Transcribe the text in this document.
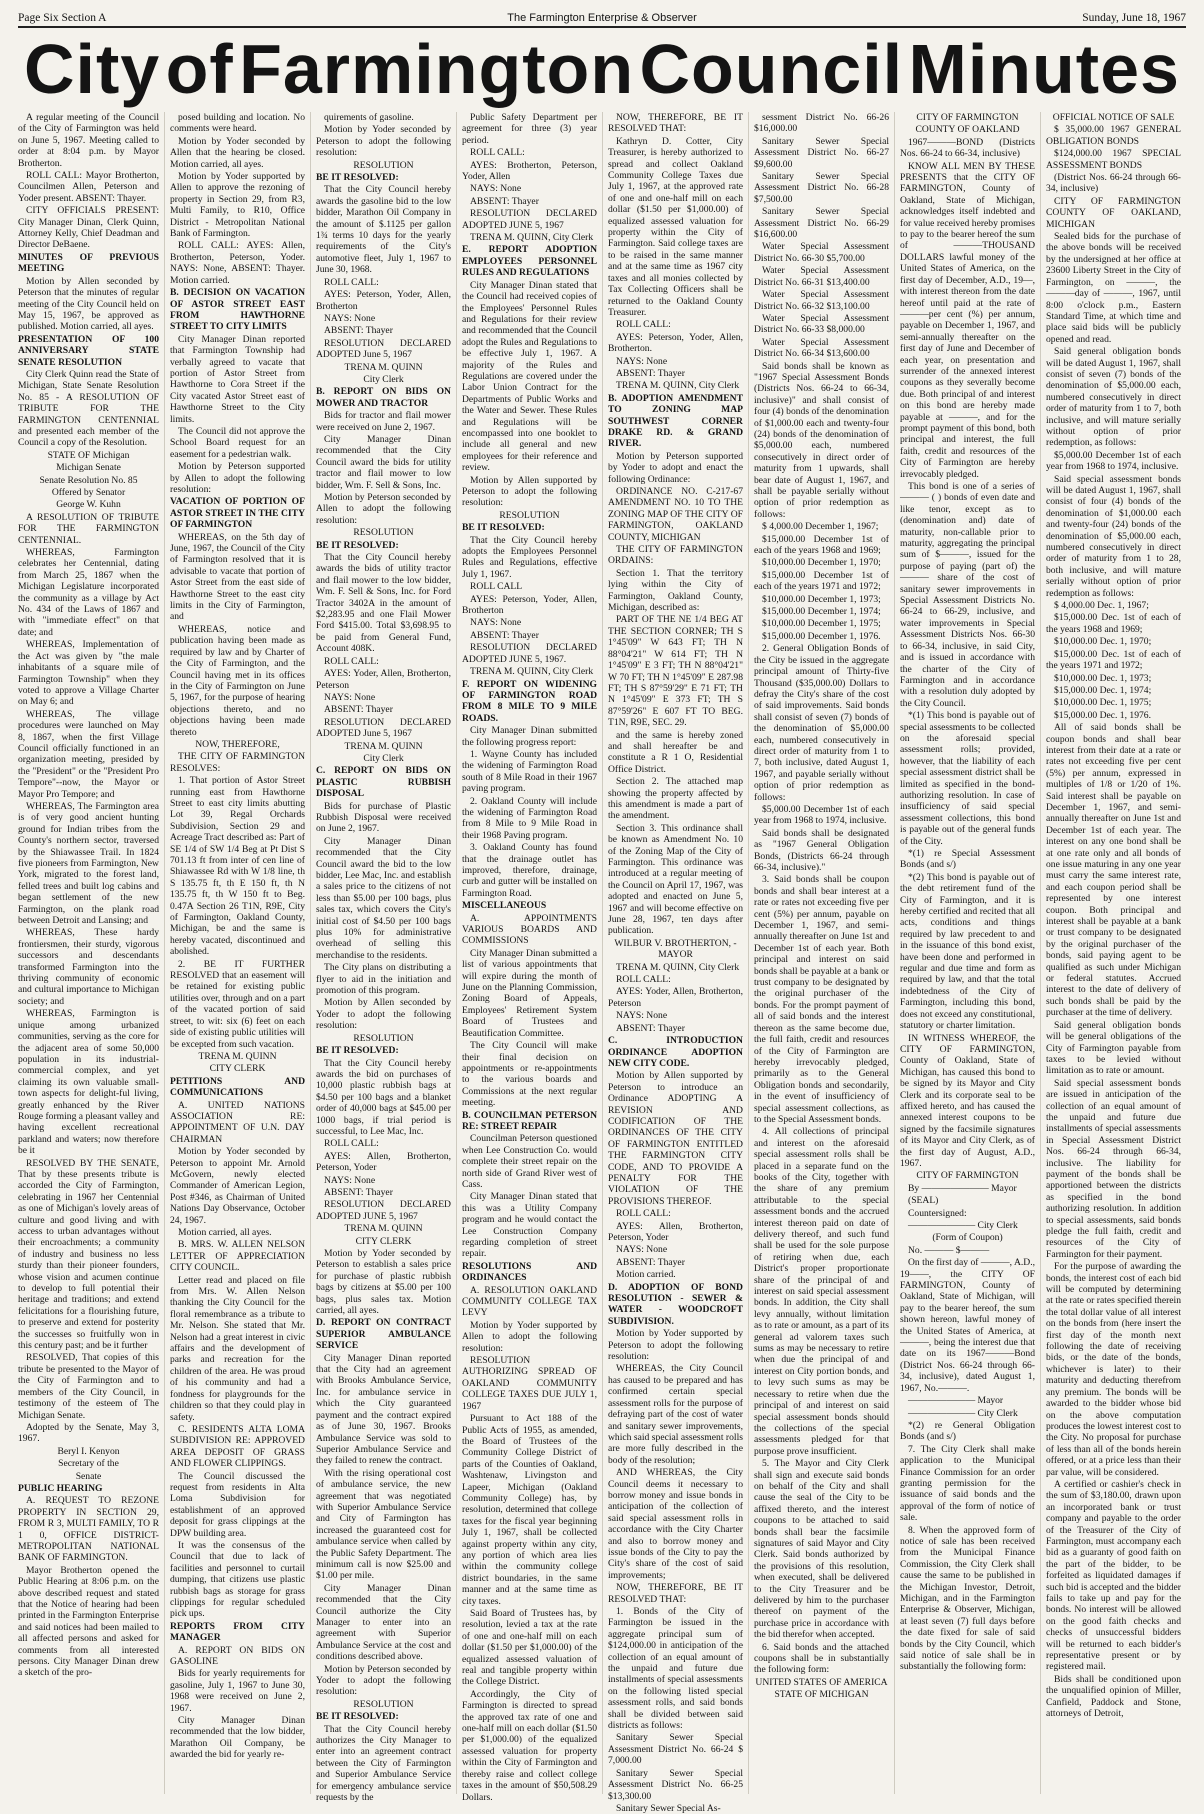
Page Six Section A	The Farmington Enterprise & Observer	Sunday, June 18, 1967
City of Farmington Council Minutes

A regular meeting of the Council of the City of Farmington was held on June 5, 1967. Meeting called to order at 8:04 p.m. by Mayor Brotherton.

ROLL CALL: Mayor Brotherton, Councilmen Allen, Peterson and Yoder present. ABSENT: Thayer.

CITY OFFICIALS PRESENT: City Manager Dinan, Clerk Quinn, Attorney Kelly, Chief Deadman and Director DeBaene.

MINUTES OF PREVIOUS MEETING

Motion by Allen seconded by Peterson that the minutes of regular meeting of the City Council held on May 15, 1967, be approved as published. Motion carried, all ayes.

PRESENTATION OF 100 ANNIVERSARY STATE SENATE RESOLUTION

City Clerk Quinn read the State of Michigan, State Senate Resolution No. 85 - A RESOLUTION OF TRIBUTE FOR THE FARMINGTON CENTENNIAL and presented each member of the Council a copy of the Resolution.

STATE OF Michigan

Michigan Senate

Senate Resolution No. 85

Offered by Senator

George W. Kuhn

A RESOLUTION OF TRIBUTE FOR THE FARMINGTON CENTENNIAL.

WHEREAS, Farmington celebrates her Centennial, dating from March 25, 1867 when the Michigan Legislature incorporated the community as a village by Act No. 434 of the Laws of 1867 and with "immediate effect" on that date; and

WHEREAS, Implementation of the Act was given by "the male inhabitants of a square mile of Farmington Township" when they voted to approve a Village Charter on May 6; and

WHEREAS, The village procedures were launched on May 8, 1867, when the first Village Council officially functioned in an organization meeting, presided by the "President" or the "President Pro Tempore"--now, the Mayor or Mayor Pro Tempore; and

WHEREAS, The Farmington area is of very good ancient hunting ground for Indian tribes from the County's northern sector, traversed by the Shiawassee Trail. In 1824 five pioneers from Farmington, New York, migrated to the forest land, felled trees and built log cabins and began settlement of the new Farmington, on the plank road between Detroit and Lansing; and

WHEREAS, These hardy frontiersmen, their sturdy, vigorous successors and descendants transformed Farmington into the thriving community of economic and cultural importance to Michigan society; and

WHEREAS, Farmington is unique among urbanized communities, serving as the core for the adjacent area of some 50,000 population in its industrial-commercial complex, and yet claiming its own valuable small-town aspects for delight-ful living, greatly enhanced by the River Rouge forming a pleasant valley and having excellent recreational parkland and waters; now therefore be it

RESOLVED BY THE SENATE, That by these presents tribute is accorded the City of Farmington, celebrating in 1967 her Centennial as one of Michigan's lovely areas of culture and good living and with access to urban advantages without their encroachments; a community of industry and business no less sturdy than their pioneer founders, whose vision and acumen continue to develop to full potential their heritage and traditions; and extend felicitations for a flourishing future, to preserve and extend for posterity the successes so fruitfully won in this century past; and be it further

RESOLVED, That copies of this tribute be presented to the Mayor of the City of Farmington and to members of the City Council, in testimony of the esteem of The Michigan Senate.

Adopted by the Senate, May 3, 1967.

Beryl I. Kenyon

Secretary of the

Senate

PUBLIC HEARING

A. REQUEST TO REZONE PROPERTY IN SECTION 29, FROM R 3, MULTI FAMILY, TO R 1 0, OFFICE DISTRICT-METROPOLITAN NATIONAL BANK OF FARMINGTON.

Mayor Brotherton opened the Public Hearing at 8:06 p.m. on the above described request and stated that the Notice of hearing had been printed in the Farmington Enterprise and said notices had been mailed to all affected persons and asked for comments from all interested persons. City Manager Dinan drew a sketch of the pro-

posed building and location. No comments were heard.

Motion by Yoder seconded by Allen that the hearing be closed. Motion carried, all ayes.

Motion by Yoder supported by Allen to approve the rezoning of property in Section 29, from R3, Multi Family, to R10, Office District - Metropolitan National Bank of Farmington.

ROLL CALL: AYES: Allen, Brotherton, Peterson, Yoder. NAYS: None, ABSENT: Thayer. Motion carried.

B. DECISION ON VACATION OF ASTOR STREET EAST FROM HAWTHORNE STREET TO CITY LIMITS

City Manager Dinan reported that Farmington Township had verbally agreed to vacate that portion of Astor Street from Hawthorne to Cora Street if the City vacated Astor Street east of Hawthorne Street to the City limits.

The Council did not approve the School Board request for an easement for a pedestrian walk.

Motion by Peterson supported by Allen to adopt the following resolution:

VACATION OF PORTION OF ASTOR STREET IN THE CITY OF FARMINGTON

WHEREAS, on the 5th day of June, 1967, the Council of the City of Farmington resolved that it is advisable to vacate that portion of Astor Street from the east side of Hawthorne Street to the east city limits in the City of Farmington, and

WHEREAS, notice and publication having been made as required by law and by Charter of the City of Farmington, and the Council having met in its offices in the City of Farmington on June 5, 1967, for the purpose of hearing objections thereto, and no objections having been made thereto

NOW, THEREFORE,

THE CITY OF FARMINGTON RESOLVES:

1. That portion of Astor Street running east from Hawthorne Street to east city limits abutting Lot 39, Regal Orchards Subdivision, Section 29 and Acreage Tract described as: Part of SE 1/4 of SW 1/4 Beg at Pt Dist S 701.13 ft from inter of cen line of Shiawassee Rd with W 1/8 line, th S 135.75 ft, th E 150 ft, th N 135.75 ft, th W 150 ft to Beg. 0.47A Section 26 T1N, R9E, City of Farmington, Oakland County, Michigan, be and the same is hereby vacated, discontinued and abolished.

2. BE IT FURTHER RESOLVED that an easement will be retained for existing public utilities over, through and on a part of the vacated portion of said street, to wit: six (6) feet on each side of existing public utilities will be excepted from such vacation.

TRENA M. QUINN

CITY CLERK

PETITIONS AND COMMUNICATIONS

A. UNITED NATIONS ASSOCIATION RE: APPOINTMENT OF U.N. DAY CHAIRMAN

Motion by Yoder seconded by Peterson to appoint Mr. Arnold McGovern, newly elected Commander of American Legion, Post #346, as Chairman of United Nations Day Observance, October 24, 1967.

Motion carried, all ayes.

B. MRS. W. ALLEN NELSON LETTER OF APPRECIATION CITY COUNCIL.

Letter read and placed on file from Mrs. W. Allen Nelson thanking the City Council for the floral remembrance as a tribute to Mr. Nelson. She stated that Mr. Nelson had a great interest in civic affairs and the development of parks and recreation for the children of the area. He was proud of his community and had a fondness for playgrounds for the children so that they could play in safety.

C. RESIDENTS ALTA LOMA SUBDIVISION RE: APPROVED AREA DEPOSIT OF GRASS AND FLOWER CLIPPINGS.

The Council discussed the request from residents in Alta Loma Subdivision for establishment of an approved deposit for grass clippings at the DPW building area.

It was the consensus of the Council that due to lack of facilities and personnel to curtail dumping, that citizens use plastic rubbish bags as storage for grass clippings for regular scheduled pick ups.

REPORTS FROM CITY MANAGER

A. REPORT ON BIDS ON GASOLINE

Bids for yearly requirements for gasoline, July 1, 1967 to June 30, 1968 were received on June 2, 1967.

City Manager Dinan recommended that the low bidder, Marathon Oil Company, be awarded the bid for yearly re-

quirements of gasoline.

Motion by Yoder seconded by Peterson to adopt the following resolution:

RESOLUTION

BE IT RESOLVED:

That the City Council hereby awards the gasoline bid to the low bidder, Marathon Oil Company in the amount of $.1125 per gallon 1¾ terms 10 days for the yearly requirements of the City's automotive fleet, July 1, 1967 to June 30, 1968.

ROLL CALL:

AYES: Peterson, Yoder, Allen, Brotherton

NAYS: None

ABSENT: Thayer

RESOLUTION DECLARED ADOPTED June 5, 1967

TRENA M. QUINN

City Clerk

B. REPORT ON BIDS ON MOWER AND TRACTOR

Bids for tractor and flail mower were received on June 2, 1967.

City Manager Dinan recommended that the City Council award the bids for utility tractor and flail mower to low bidder, Wm. F. Sell & Sons, Inc.

Motion by Peterson seconded by Allen to adopt the following resolution:

RESOLUTION

BE IT RESOLVED:

That the City Council hereby awards the bids of utility tractor and flail mower to the low bidder, Wm. F. Sell & Sons, Inc. for Ford Tractor 3402A in the amount of $2,283.95 and one Flail Mower Ford $415.00. Total $3,698.95 to be paid from General Fund, Account 408K.

ROLL CALL:

AYES: Yoder, Allen, Brotherton, Peterson

NAYS: None

ABSENT: Thayer

RESOLUTION DECLARED ADOPTED June 5, 1967

TRENA M. QUINN

City Clerk

C. REPORT ON BIDS ON PLASTIC RUBBISH DISPOSAL

Bids for purchase of Plastic Rubbish Disposal were received on June 2, 1967.

City Manager Dinan recommended that the City Council award the bid to the low bidder, Lee Mac, Inc. and establish a sales price to the citizens of not less than $5.00 per 100 bags, plus sales tax, which covers the City's initial cost of $4.50 per 100 bags plus 10% for administrative overhead of selling this merchandise to the residents.

The City plans on distributing a flyer to aid in the initiation and promotion of this program.

Motion by Allen seconded by Yoder to adopt the following resolution:

RESOLUTION

BE IT RESOLVED:

That the City Council hereby awards the bid on purchases of 10,000 plastic rubbish bags at $4.50 per 100 bags and a blanket order of 40,000 bags at $45.00 per 1000 bags, if trial period is successful, to Lee Mac, Inc.

ROLL CALL:

AYES: Allen, Brotherton, Peterson, Yoder

NAYS: None

ABSENT: Thayer

RESOLUTION DECLARED ADOPTED JUNE 5, 1967

TRENA M. QUINN

CITY CLERK

Motion by Yoder seconded by Peterson to establish a sales price for purchase of plastic rubbish bags by citizens at $5.00 per 100 bags, plus sales tax. Motion carried, all ayes.

D. REPORT ON CONTRACT SUPERIOR AMBULANCE SERVICE

City Manager Dinan reported that the City had an agreement with Brooks Ambulance Service, Inc. for ambulance service in which the City guaranteed payment and the contract expired as of June 30, 1967. Brooks Ambulance Service was sold to Superior Ambulance Service and they failed to renew the contract.

With the rising operational cost of ambulance service, the new agreement that was negotiated with Superior Ambulance Service and City of Farmington has increased the guaranteed cost for ambulance service when called by the Public Safety Department. The minimum call is now $25.00 and $1.00 per mile.

City Manager Dinan recommended that the City Council authorize the City Manager to enter into an agreement with Superior Ambulance Service at the cost and conditions described above.

Motion by Peterson seconded by Yoder to adopt the following resolution:

RESOLUTION

BE IT RESOLVED:

That the City Council hereby authorizes the City Manager to enter into an agreement contract between the City of Farmington and Superior Ambulance Service for emergency ambulance service requests by the

Public Safety Department per agreement for three (3) year period.

ROLL CALL:

AYES: Brotherton, Peterson, Yoder, Allen

NAYS: None

ABSENT: Thayer

RESOLUTION DECLARED ADOPTED JUNE 5, 1967

TRENA M. QUINN, City Clerk

E. REPORT ADOPTION EMPLOYEES PERSONNEL RULES AND REGULATIONS

City Manager Dinan stated that the Council had received copies of the Employees' Personnel Rules and Regulations for their review and recommended that the Council adopt the Rules and Regulations to be effective July 1, 1967. A majority of the Rules and Regulations are covered under the Labor Union Contract for the Departments of Public Works and the Water and Sewer. These Rules and Regulations will be encompassed into one booklet to include all general and new employees for their reference and review.

Motion by Allen supported by Peterson to adopt the following resolution:

RESOLUTION

BE IT RESOLVED:

That the City Council hereby adopts the Employees Personnel Rules and Regulations, effective July 1, 1967.

ROLL CALL

AYES: Peterson, Yoder, Allen, Brotherton

NAYS: None

ABSENT: Thayer

RESOLUTION DECLARED ADOPTED JUNE 5, 1967.

TRENA M. QUINN, City Clerk

F. REPORT ON WIDENING OF FARMINGTON ROAD FROM 8 MILE TO 9 MILE ROADS.

City Manager Dinan submitted the following progress report:

1. Wayne County has included the widening of Farmington Road south of 8 Mile Road in their 1967 paving program.

2. Oakland County will include the widening of Farmington Road from 8 Mile to 9 Mile Road in their 1968 Paving program.

3. Oakland County has found that the drainage outlet has improved, therefore, drainage, curb and gutter will be installed on Farmington Road.

MISCELLANEOUS

A. APPOINTMENTS VARIOUS BOARDS AND COMMISSIONS

City Manager Dinan submitted a list of various appointments that will expire during the month of June on the Planning Commission, Zoning Board of Appeals, Employees' Retirement System Board of Trustees and Beautification Committee.

The City Council will make their final decision on appointments or re-appointments to the various boards and Commissions at the next regular meeting.

B. COUNCILMAN PETERSON RE: STREET REPAIR

Councilman Peterson questioned when Lee Construction Co. would complete their street repair on the north side of Grand River west of Cass.

City Manager Dinan stated that this was a Utility Company program and he would contact the Lee Construction Company regarding completion of street repair.

RESOLUTIONS AND ORDINANCES

A. RESOLUTION OAKLAND COMMUNITY COLLEGE TAX LEVY

Motion by Yoder supported by Allen to adopt the following resolution:

RESOLUTION AUTHORIZING SPREAD OF OAKLAND COMMUNITY COLLEGE TAXES DUE JULY 1, 1967

Pursuant to Act 188 of the Public Acts of 1955, as amended, the Board of Trustees of the Community College District of parts of the Counties of Oakland, Washtenaw, Livingston and Lapeer, Michigan (Oakland Community College) has, by resolution, determined that college taxes for the fiscal year beginning July 1, 1967, shall be collected against property within any city, any portion of which area lies within the community college district boundaries, in the same manner and at the same time as city taxes.

Said Board of Trustees has, by resolution, levied a tax at the rate of one and one-half mill on each dollar ($1.50 per $1,000.00) of the equalized assessed valuation of real and tangible property within the College District.

Accordingly, the City of Farmington is directed to spread the approved tax rate of one and one-half mill on each dollar ($1.50 per $1,000.00) of the equalized assessed valuation for property within the City of Farmington and thereby raise and collect college taxes in the amount of $50,508.29 Dollars.

NOW, THEREFORE, BE IT RESOLVED THAT:

Kathryn D. Cotter, City Treasurer, is hereby authorized to spread and collect Oakland Community College Taxes due July 1, 1967, at the approved rate of one and one-half mill on each dollar ($1.50 per $1,000.00) of equalized assessed valuation for property within the City of Farmington. Said college taxes are to be raised in the same manner and at the same time as 1967 city taxes and all monies collected by Tax Collecting Officers shall be returned to the Oakland County Treasurer.

ROLL CALL:

AYES: Peterson, Yoder, Allen, Brotherton.

NAYS: None

ABSENT: Thayer

TRENA M. QUINN, City Clerk

B. ADOPTION AMENDMENT TO ZONING MAP SOUTHWEST CORNER DRAKE RD. & GRAND RIVER.

Motion by Peterson supported by Yoder to adopt and enact the following Ordinance:

ORDINANCE NO. C-217-67 AMENDMENT NO. 10 TO THE ZONING MAP OF THE CITY OF FARMINGTON, OAKLAND COUNTY, MICHIGAN

THE CITY OF FARMINGTON ORDAINS:

Section 1. That the territory lying within the City of Farmington, Oakland County, Michigan, described as:

PART OF THE NE 1/4 BEG AT THE SECTION CORNER; TH S 1°45'09" W 643 FT; TH N 88°04'21" W 614 FT; TH N 1°45'09" E 3 FT; TH N 88°04'21" W 70 FT; TH N 1°45'09" E 287.98 FT; TH S 87°59'29" E 71 FT; TH N 1°45'09" E 373 FT; TH S 87°59'26" E 607 FT TO BEG. T1N, R9E, SEC. 29.

and the same is hereby zoned and shall hereafter be and constitute a R 1 O, Residential Office District.

Section 2. The attached map showing the property affected by this amendment is made a part of the amendment.

Section 3. This ordinance shall be known as Amendment No. 10 of the Zoning Map of the City of Farmington. This ordinance was introduced at a regular meeting of the Council on April 17, 1967, was adopted and enacted on June 5, 1967 and will become effective on June 28, 1967, ten days after publication.

WILBUR V. BROTHERTON, -MAYOR

TRENA M. QUINN, City Clerk

ROLL CALL:

AYES: Yoder, Allen, Brotherton, Peterson

NAYS: None

ABSENT: Thayer

C. INTRODUCTION ORDINANCE ADOPTION NEW CITY CODE.

Motion by Allen supported by Peterson to introduce an Ordinance ADOPTING A REVISION AND CODIFICATION OF THE ORDINANCES OF THE CITY OF FARMINGTON ENTITLED THE FARMINGTON CITY CODE, AND TO PROVIDE A PENALTY FOR THE VIOLATION OF THE PROVISIONS THEREOF.

ROLL CALL:

AYES: Allen, Brotherton, Peterson, Yoder

NAYS: None

ABSENT: Thayer

Motion carried.

D. ADOPTION OF BOND RESOLUTION - SEWER & WATER - WOODCROFT SUBDIVISION.

Motion by Yoder supported by Peterson to adopt the following resolution:

WHEREAS, the City Council has caused to be prepared and has confirmed certain special assessment rolls for the purpose of defraying part of the cost of water and sanitary sewer improvements, which said special assessment rolls are more fully described in the body of the resolution;

AND WHEREAS, the City Council deems it necessary to borrow money and issue bonds in anticipation of the collection of said special assessment rolls in accordance with the City Charter and also to borrow money and issue bonds of the City to pay the City's share of the cost of said improvements;

NOW, THEREFORE, BE IT RESOLVED THAT:

1. Bonds of the City of Farmington be issued in the aggregate principal sum of $124,000.00 in anticipation of the collection of an equal amount of the unpaid and future due installments of special assessments on the following listed special assessment rolls, and said bonds shall be divided between said districts as follows:

Sanitary Sewer Special Assessment District No. 66-24 $ 7,000.00

Sanitary Sewer Special Assessment District No. 66-25 $13,300.00

Sanitary Sewer Special As-

sessment District No. 66-26 $16,000.00

Sanitary Sewer Special Assessment District No. 66-27 $9,600.00

Sanitary Sewer Special Assessment District No. 66-28 $7,500.00

Sanitary Sewer Special Assessment District No. 66-29 $16,600.00

Water Special Assessment District No. 66-30 $5,700.00

Water Special Assessment District No. 66-31 $13,400.00

Water Special Assessment District No. 66-32 $13,100.00

Water Special Assessment District No. 66-33 $8,000.00

Water Special Assessment District No. 66-34 $13,600.00

Said bonds shall be known as "1967 Special Assessment Bonds (Districts Nos. 66-24 to 66-34, inclusive)" and shall consist of four (4) bonds of the denomination of $1,000.00 each and twenty-four (24) bonds of the denomination of $5,000.00 each, numbered consecutively in direct order of maturity from 1 upwards, shall bear date of August 1, 1967, and shall be payable serially without option of prior redemption as follows:

$ 4,000.00 December 1, 1967;

$15,000.00 December 1st of each of the years 1968 and 1969;

$10,000.00 December 1, 1970;

$15,000.00 December 1st of each of the years 1971 and 1972;

$10,000.00 December 1, 1973;

$15,000.00 December 1, 1974;

$10,000.00 December 1, 1975;

$15,000.00 December 1, 1976.

2. General Obligation Bonds of the City be issued in the aggregate principal amount of Thirty-five Thousand ($35,000.00) Dollars to defray the City's share of the cost of said improvements. Said bonds shall consist of seven (7) bonds of the denomination of $5,000.00 each, numbered consecutively in direct order of maturity from 1 to 7, both inclusive, dated August 1, 1967, and payable serially without option of prior redemption as follows:

$5,000.00 December 1st of each year from 1968 to 1974, inclusive.

Said bonds shall be designated as "1967 General Obligation Bonds, (Districts 66-24 through 66-34, inclusive)."

3. Said bonds shall be coupon bonds and shall bear interest at a rate or rates not exceeding five per cent (5%) per annum, payable on December 1, 1967, and semi-annually thereafter on June 1st and December 1st of each year. Both principal and interest on said bonds shall be payable at a bank or trust company to be designated by the original purchaser of the bonds. For the prompt payment of all of said bonds and the interest thereon as the same become due, the full faith, credit and resources of the City of Farmington are hereby irrevocably pledged, primarily as to the General Obligation bonds and secondarily, in the event of insufficiency of special assessment collections, as to the Special Assessment bonds.

4. All collections of principal and interest on the aforesaid special assessment rolls shall be placed in a separate fund on the books of the City, together with the share of any premium attributable to the special assessment bonds and the accrued interest thereon paid on date of delivery thereof, and such fund shall be used for the sole purpose of retiring when due, each District's proper proportionate share of the principal of and interest on said special assessment bonds. In addition, the City shall levy annually, without limitation as to rate or amount, as a part of its general ad valorem taxes such sums as may be necessary to retire when due the principal of and interest on City portion bonds, and to levy such sums as may be necessary to retire when due the principal of and interest on said special assessment bonds should the collections of the special assessments pledged for that purpose prove insufficient.

5. The Mayor and City Clerk shall sign and execute said bonds on behalf of the City and shall cause the seal of the City to be affixed thereto, and the interest coupons to be attached to said bonds shall bear the facsimile signatures of said Mayor and City Clerk. Said bonds authorized by the provisions of this resolution, when executed, shall be delivered to the City Treasurer and be delivered by him to the purchaser thereof on payment of the purchase price in accordance with the bid therefor when accepted.

6. Said bonds and the attached coupons shall be in substantially the following form:

UNITED STATES OF AMERICA

STATE OF MICHIGAN

CITY OF FARMINGTON

COUNTY OF OAKLAND

1967———BOND (Districts Nos. 66-24 to 66-34, inclusive)

KNOW ALL MEN BY THESE PRESENTS that the CITY OF FARMINGTON, County of Oakland, State of Michigan, acknowledges itself indebted and for value received hereby promises to pay to the bearer hereof the sum of ———THOUSAND DOLLARS lawful money of the United States of America, on the first day of December, A.D., 19—, with interest thereon from the date hereof until paid at the rate of ———per cent (%) per annum, payable on December 1, 1967, and semi-annually thereafter on the first day of June and December of each year, on presentation and surrender of the annexed interest coupons as they severally become due. Both principal of and interest on this bond are hereby made payable at ———, and for the prompt payment of this bond, both principal and interest, the full faith, credit and resources of the City of Farmington are hereby irrevocably pledged.

This bond is one of a series of ——— ( ) bonds of even date and like tenor, except as to (denomination and) date of maturity, non-callable prior to maturity, aggregating the principal sum of $———, issued for the purpose of paying (part of) the ——— share of the cost of sanitary sewer improvements in Special Assessment Districts No. 66-24 to 66-29, inclusive, and water improvements in Special Assessment Districts Nos. 66-30 to 66-34, inclusive, in said City, and is issued in accordance with the charter of the City of Farmington and in accordance with a resolution duly adopted by the City Council.

*(1) This bond is payable out of special assessments to be collected on the aforesaid special assessment rolls; provided, however, that the liability of each special assessment district shall be limited as specified in the bond-authorizing resolution. In case of insufficiency of said special assessment collections, this bond is payable out of the general funds of the City.

*(1) re Special Assessment Bonds (and s/)

*(2) This bond is payable out of the debt retirement fund of the City of Farmington, and it is hereby certified and recited that all acts, conditions and things required by law precedent to and in the issuance of this bond exist, have been done and performed in regular and due time and form as required by law, and that the total indebtedness of the City of Farmington, including this bond, does not exceed any constitutional, statutory or charter limitation.

IN WITNESS WHEREOF, the CITY OF FARMINGTON, County of Oakland, State of Michigan, has caused this bond to be signed by its Mayor and City Clerk and its corporate seal to be affixed hereto, and has caused the annexed interest coupons to be signed by the facsimile signatures of its Mayor and City Clerk, as of the first day of August, A.D., 1967.

CITY OF FARMINGTON

By ——————— Mayor

(SEAL)

Countersigned:

——————— City Clerk

(Form of Coupon)

No. ——— $———

On the first day of ———, A.D., 19——, the CITY OF FARMINGTON, County of Oakland, State of Michigan, will pay to the bearer hereof, the sum shown hereon, lawful money of the United States of America, at ———, being the interest due that date on its 1967———Bond (District Nos. 66-24 through 66-34, inclusive), dated August 1, 1967, No.———.

——————— Mayor

——————— City Clerk

*(2) re General Obligation Bonds (and s/)

7. The City Clerk shall make application to the Municipal Finance Commission for an order granting permission for the issuance of said bonds and the approval of the form of notice of sale.

8. When the approved form of notice of sale has been received from the Municipal Finance Commission, the City Clerk shall cause the same to be published in the Michigan Investor, Detroit, Michigan, and in the Farmington Enterprise & Observer, Michigan, at least seven (7) full days before the date fixed for sale of said bonds by the City Council, which said notice of sale shall be in substantially the following form:

OFFICIAL NOTICE OF SALE

$ 35,000.00 1967 GENERAL OBLIGATION BONDS

$124,000.00 1967 SPECIAL ASSESSMENT BONDS

(District Nos. 66-24 through 66-34, inclusive)

CITY OF FARMINGTON COUNTY OF OAKLAND, MICHIGAN

Sealed bids for the purchase of the above bonds will be received by the undersigned at her office at 23600 Liberty Street in the City of Farmington, on ———, the ———day of ———, 1967, until 8:00 o'clock p.m., Eastern Standard Time, at which time and place said bids will be publicly opened and read.

Said general obligation bonds will be dated August 1, 1967, shall consist of seven (7) bonds of the denomination of $5,000.00 each, numbered consecutively in direct order of maturity from 1 to 7, both inclusive, and will mature serially without option of prior redemption, as follows:

$5,000.00 December 1st of each year from 1968 to 1974, inclusive.

Said special assessment bonds will be dated August 1, 1967, shall consist of four (4) bonds of the denomination of $1,000.00 each and twenty-four (24) bonds of the denomination of $5,000.00 each, numbered consecutively in direct order of maturity from 1 to 28, both inclusive, and will mature serially without option of prior redemption as follows:

$ 4,000.00 Dec. 1, 1967;

$15,000.00 Dec. 1st of each of the years 1968 and 1969;

$10,000.00 Dec. 1, 1970;

$15,000.00 Dec. 1st of each of the years 1971 and 1972;

$10,000.00 Dec. 1, 1973;

$15,000.00 Dec. 1, 1974;

$10,000.00 Dec. 1, 1975;

$15,000.00 Dec. 1, 1976.

All of said bonds shall be coupon bonds and shall bear interest from their date at a rate or rates not exceeding five per cent (5%) per annum, expressed in multiples of 1/8 or 1/20 of 1%. Said interest shall be payable on December 1, 1967, and semi-annually thereafter on June 1st and December 1st of each year. The interest on any one bond shall be at one rate only and all bonds of one issue maturing in any one year must carry the same interest rate, and each coupon period shall be represented by one interest coupon. Both principal and interest shall be payable at a bank or trust company to be designated by the original purchaser of the bonds, said paying agent to be qualified as such under Michigan or federal statutes. Accrued interest to the date of delivery of such bonds shall be paid by the purchaser at the time of delivery.

Said general obligation bonds will be general obligations of the City of Farmington payable from taxes to be levied without limitation as to rate or amount.

Said special assessment bonds are issued in anticipation of the collection of an equal amount of the unpaid and future due installments of special assessments in Special Assessment District Nos. 66-24 through 66-34, inclusive. The liability for payment of the bonds shall be apportioned between the districts as specified in the bond authorizing resolution. In addition to special assessments, said bonds pledge the full faith, credit and resources of the City of Farmington for their payment.

For the purpose of awarding the bonds, the interest cost of each bid will be computed by determining at the rate or rates specified therein the total dollar value of all interest on the bonds from (here insert the first day of the month next following the date of receiving bids, or the date of the bonds, whichever is later) to their maturity and deducting therefrom any premium. The bonds will be awarded to the bidder whose bid on the above computation produces the lowest interest cost to the City. No proposal for purchase of less than all of the bonds herein offered, or at a price less than their par value, will be considered.

A certified or cashier's check in the sum of $3,180.00, drawn upon an incorporated bank or trust company and payable to the order of the Treasurer of the City of Farmington, must accompany each bid as a guaranty of good faith on the part of the bidder, to be forfeited as liquidated damages if such bid is accepted and the bidder fails to take up and pay for the bonds. No interest will be allowed on the good faith checks and checks of unsuccessful bidders will be returned to each bidder's representative present or by registered mail.

Bids shall be conditioned upon the unqualified opinion of Miller, Canfield, Paddock and Stone, attorneys of Detroit,
